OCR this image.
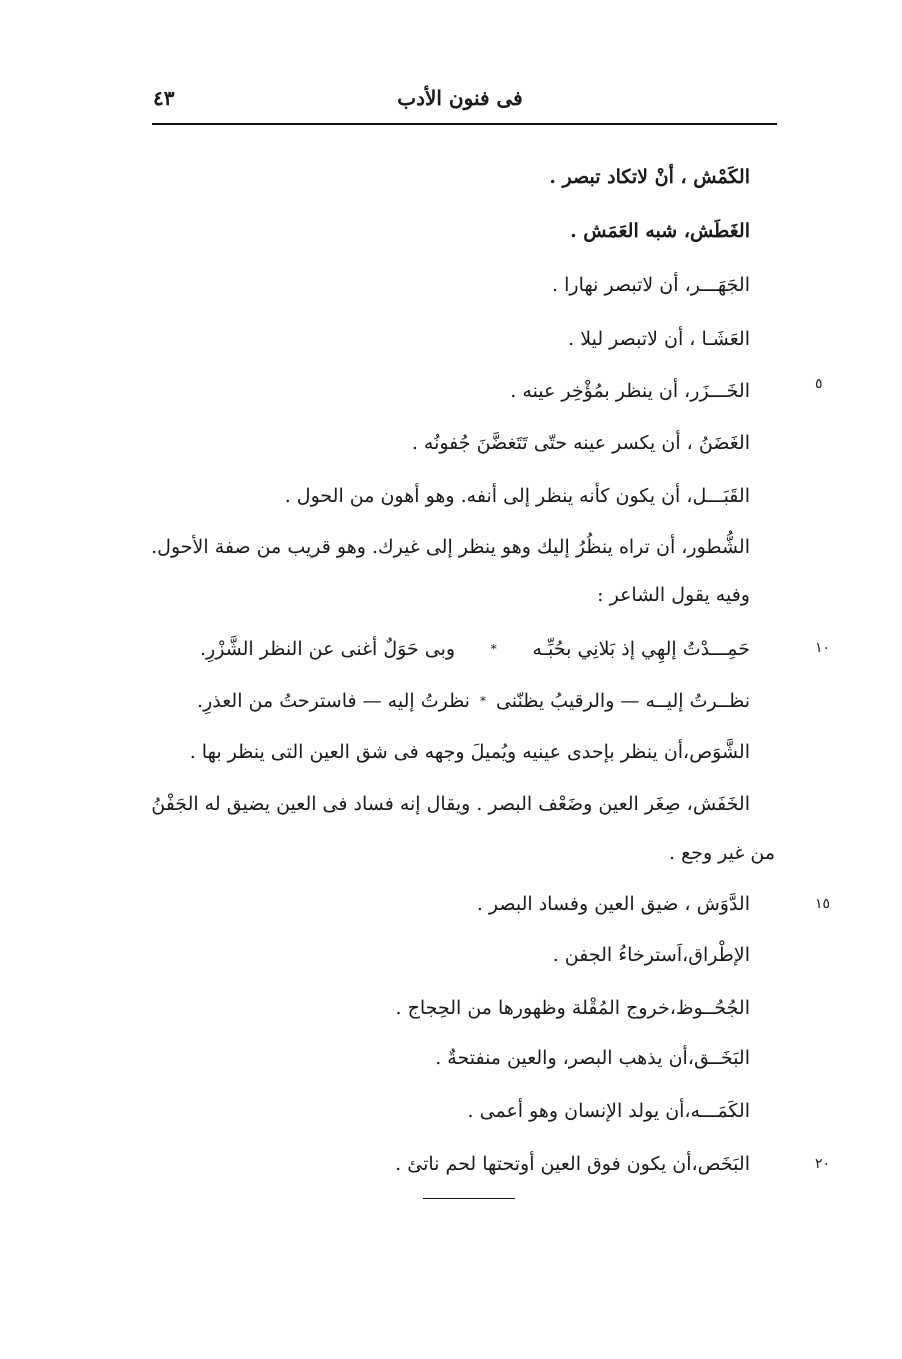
فى فنون الأدب
٤٣
الكَمْش ، أنْ لاتكاد تبصر .
الغَطَش، شبه العَمَش .
الجَهَـــر، أن لاتبصر نهارا .
العَشَـا ، أن لاتبصر ليلا .
الخَـــزَر، أن ينظر بمُؤْخِر عينه .
الغَضَنُ ، أن يكسر عينه حتّى تَتَغضَّنَ جُفونُه .
القَبَـــل، أن يكون كأنه ينظر إلى أنفه. وهو أهون من الحول .
الشُّطور، أن تراه ينظُرُ إليك وهو ينظر إلى غيرك. وهو قريب من صفة الأحول.
وفيه يقول الشاعر :
حَمِـــدْتُ إلهِي إذ بَلانِي بحُبِّـه
*
وبى حَوَلٌ أغنى عن النظر الشَّزْرِ.
نظــرتُ إليــه — والرقيبُ يظنّنى
*
نظرتُ إليه — فاسترحتُ من العذرِ.
الشَّوَص،أن ينظر بإحدى عينيه ويُميلَ وجهه فى شق العين التى ينظر بها .
الخَفَش، صِغَر العين وضَعْف البصر . ويقال إنه فساد فى العين يضيق له الجَفْنُ
من غير وجع .
الدَّوَش ، ضيق العين وفساد البصر .
الإطْراق،اَسترخاءُ الجفن .
الجُحُــوظ،خروج المُقْلة وظهورها من الحِجاج .
البَخَــق،أن يذهب البصر، والعين منفتحةٌ .
الكَمَـــه،أن يولد الإنسان وهو أعمى .
البَخَص،أن يكون فوق العين أوتحتها لحم ناتئ .
٥
١٠
١٥
٢٠
